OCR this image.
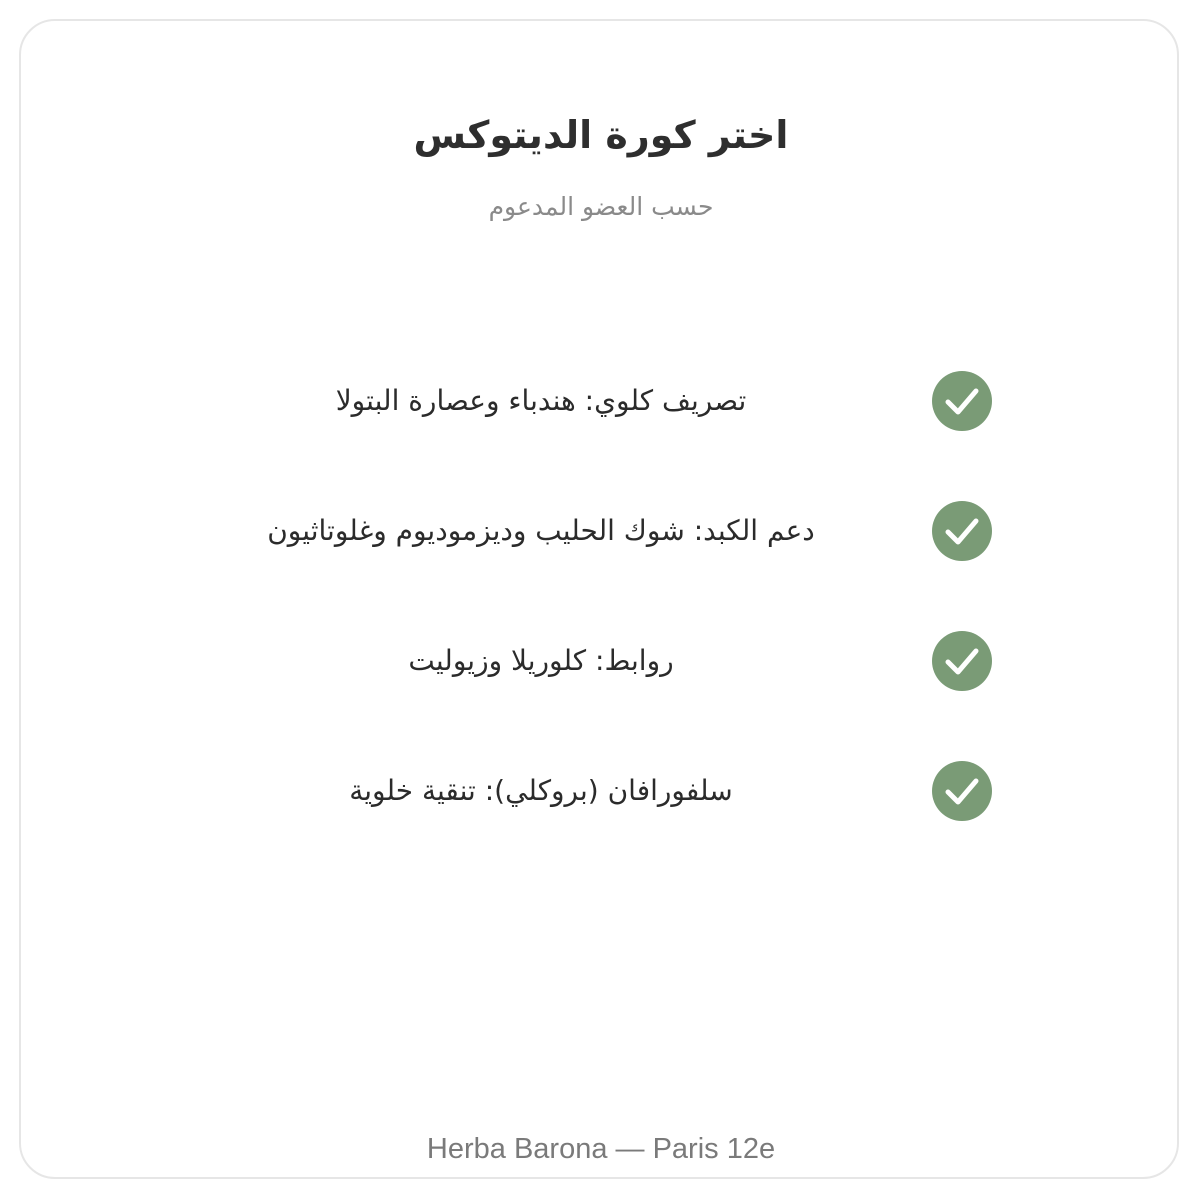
اختر كورة الديتوكس
حسب العضو المدعوم
تصريف كلوي: هندباء وعصارة البتولا
دعم الكبد: شوك الحليب وديزموديوم وغلوتاثيون
روابط: كلوريلا وزيوليت
سلفورافان (بروكلي): تنقية خلوية
Herba Barona — Paris 12e
